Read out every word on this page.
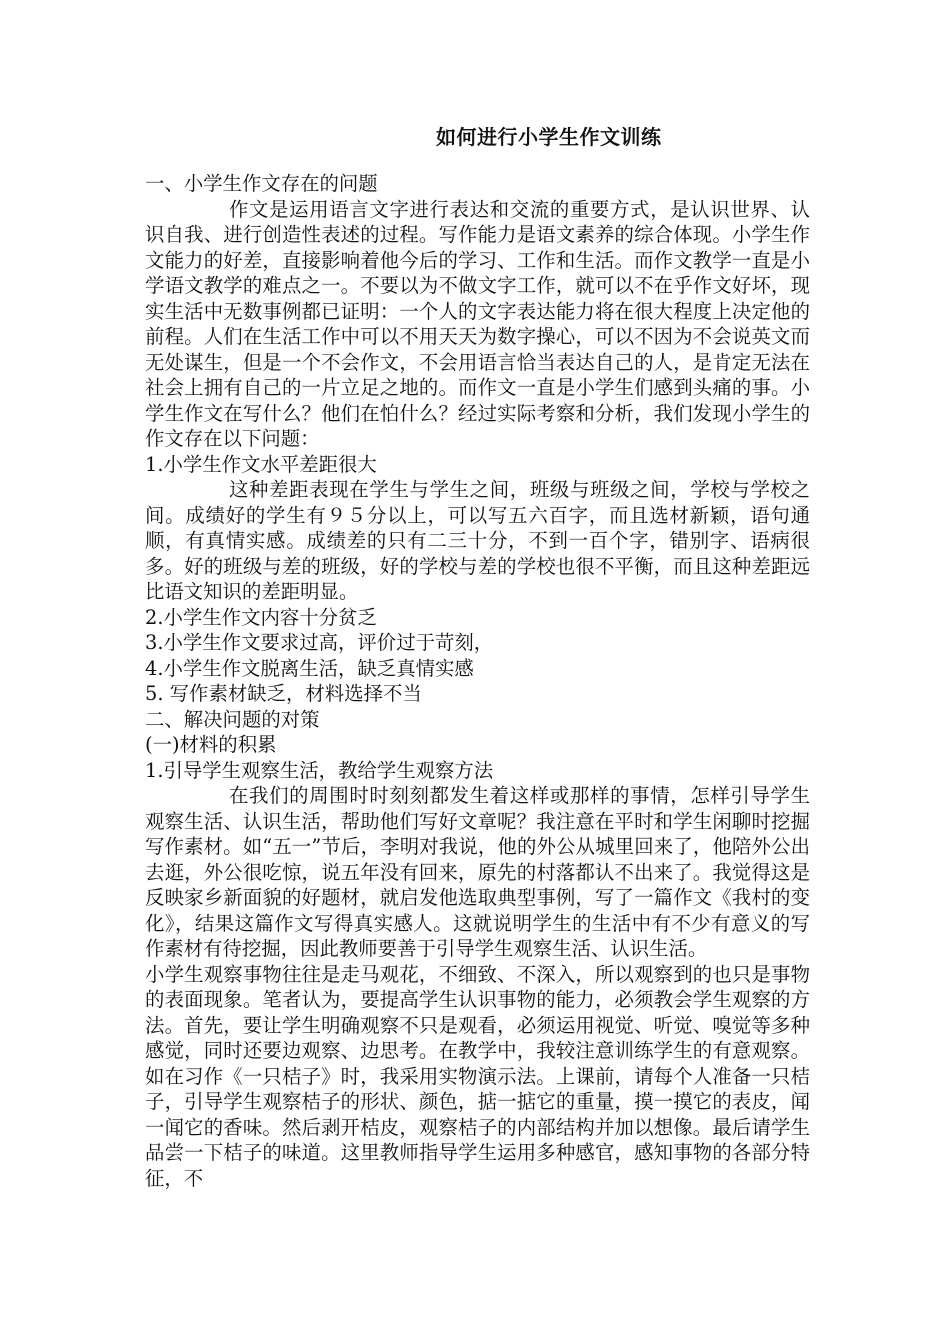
如何进行小学生作文训练

一、小学生作文存在的问题

作文是运用语言文字进行表达和交流的重要方式，是认识世界、认识自我、进行创造性表述的过程。写作能力是语文素养的综合体现。小学生作文能力的好差，直接影响着他今后的学习、工作和生活。而作文教学一直是小学语文教学的难点之一。不要以为不做文字工作，就可以不在乎作文好坏，现实生活中无数事例都已证明：一个人的文字表达能力将在很大程度上决定他的前程。人们在生活工作中可以不用天天为数字操心，可以不因为不会说英文而无处谋生，但是一个不会作文，不会用语言恰当表达自己的人，是肯定无法在社会上拥有自己的一片立足之地的。而作文一直是小学生们感到头痛的事。小学生作文在写什么？他们在怕什么？经过实际考察和分析，我们发现小学生的作文存在以下问题：

1.小学生作文水平差距很大

这种差距表现在学生与学生之间，班级与班级之间，学校与学校之间。成绩好的学生有９５分以上，可以写五六百字，而且选材新颖，语句通顺，有真情实感。成绩差的只有二三十分，不到一百个字，错别字、语病很多。好的班级与差的班级，好的学校与差的学校也很不平衡，而且这种差距远比语文知识的差距明显。

2.小学生作文内容十分贫乏

3.小学生作文要求过高，评价过于苛刻，

4.小学生作文脱离生活，缺乏真情实感

5. 写作素材缺乏，材料选择不当

二、解决问题的对策

(一)材料的积累

1.引导学生观察生活，教给学生观察方法

在我们的周围时时刻刻都发生着这样或那样的事情，怎样引导学生观察生活、认识生活，帮助他们写好文章呢？我注意在平时和学生闲聊时挖掘写作素材。如“五一”节后，李明对我说，他的外公从城里回来了，他陪外公出去逛，外公很吃惊，说五年没有回来，原先的村落都认不出来了。我觉得这是反映家乡新面貌的好题材，就启发他选取典型事例，写了一篇作文《我村的变化》，结果这篇作文写得真实感人。这就说明学生的生活中有不少有意义的写作素材有待挖掘，因此教师要善于引导学生观察生活、认识生活。

小学生观察事物往往是走马观花，不细致、不深入，所以观察到的也只是事物的表面现象。笔者认为，要提高学生认识事物的能力，必须教会学生观察的方法。首先，要让学生明确观察不只是观看，必须运用视觉、听觉、嗅觉等多种感觉，同时还要边观察、边思考。在教学中，我较注意训练学生的有意观察。如在习作《一只桔子》时，我采用实物演示法。上课前，请每个人准备一只桔子，引导学生观察桔子的形状、颜色，掂一掂它的重量，摸一摸它的表皮，闻一闻它的香味。然后剥开桔皮，观察桔子的内部结构并加以想像。最后请学生品尝一下桔子的味道。这里教师指导学生运用多种感官，感知事物的各部分特征，不
